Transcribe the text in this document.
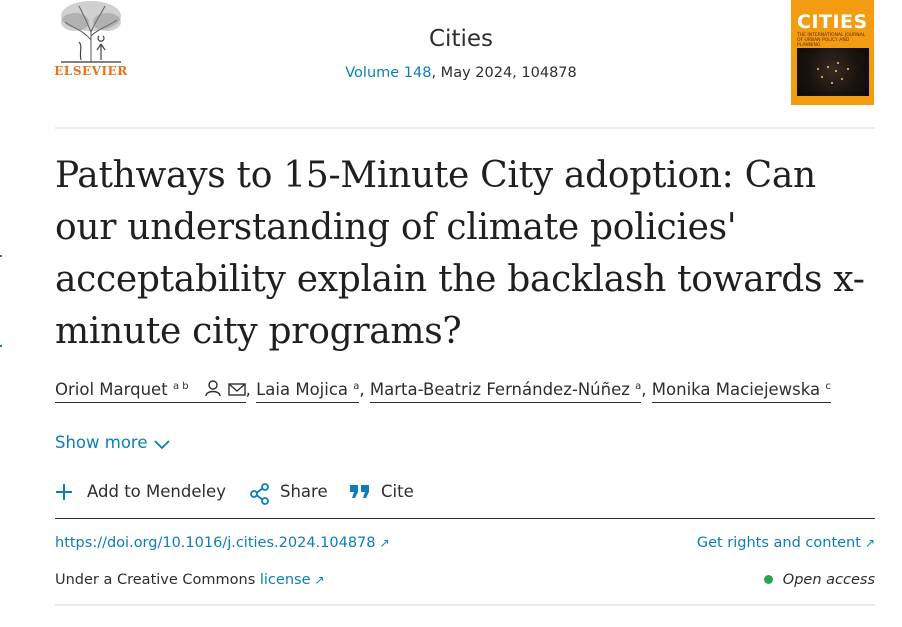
ELSEVIER
Cities
Volume 148, May 2024, 104878
CITIES
THE INTERNATIONAL JOURNAL OF URBAN POLICY AND PLANNING
Pathways to 15-Minute City adoption: Can our understanding of climate policies' acceptability explain the backlash towards x-minute city programs?
Oriol Marquet $^{a b}$	, Laia Mojica $^a$, Marta-Beatriz Fernández-Núñez $^a$, Monika Maciejewska $^c$
Show more
Add to Mendeley	Share	Cite
https://doi.org/10.1016/j.cities.2024.104878 ↗	Get rights and content ↗
Under a Creative Commons license ↗	Open access
